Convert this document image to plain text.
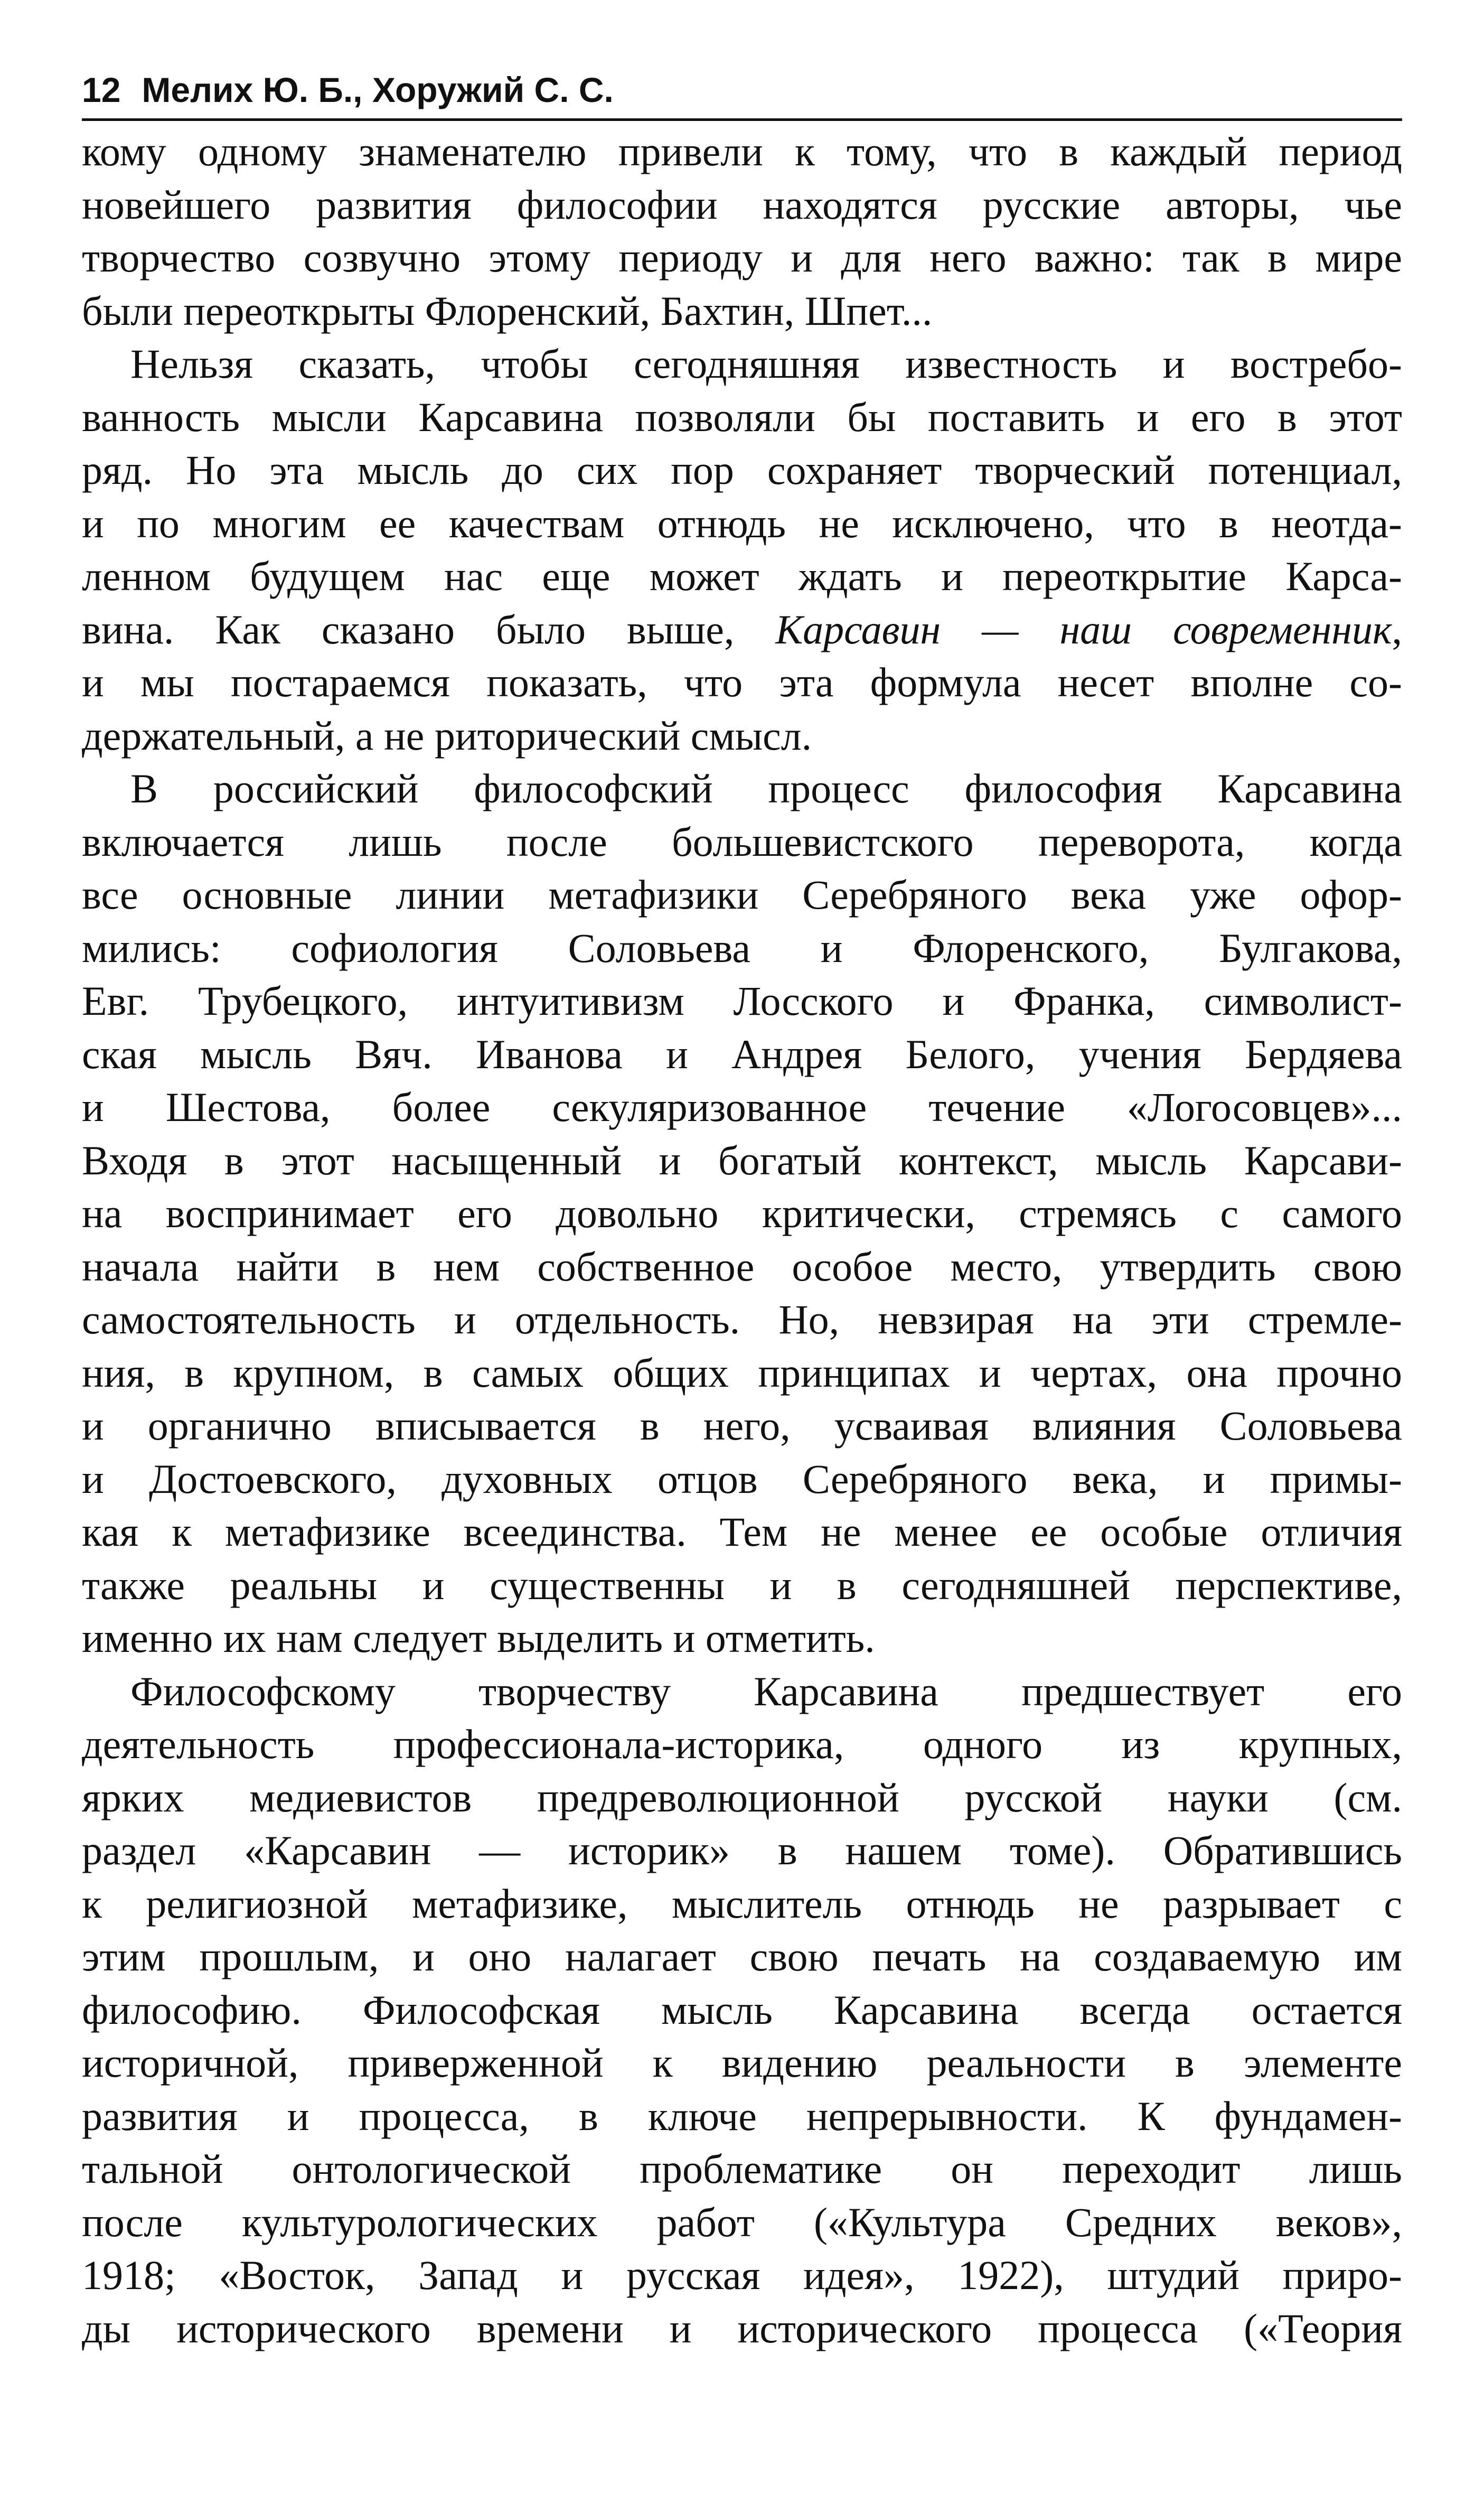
12 Мелих Ю. Б., Хоружий С. С.
кому одному знаменателю привели к тому, что в каждый период
новейшего развития философии находятся русские авторы, чье
творчество созвучно этому периоду и для него важно: так в мире
были переоткрыты Флоренский, Бахтин, Шпет...
Нельзя сказать, чтобы сегодняшняя известность и востребо-
ванность мысли Карсавина позволяли бы поставить и его в этот
ряд. Но эта мысль до сих пор сохраняет творческий потенциал,
и по многим ее качествам отнюдь не исключено, что в неотда-
ленном будущем нас еще может ждать и переоткрытие Карса-
вина. Как сказано было выше, Карсавин — наш современник,
и мы постараемся показать, что эта формула несет вполне со-
держательный, а не риторический смысл.
В российский философский процесс философия Карсавина
включается лишь после большевистского переворота, когда
все основные линии метафизики Серебряного века уже офор-
мились: софиология Соловьева и Флоренского, Булгакова,
Евг. Трубецкого, интуитивизм Лосского и Франка, символист-
ская мысль Вяч. Иванова и Андрея Белого, учения Бердяева
и Шестова, более секуляризованное течение «Логосовцев»...
Входя в этот насыщенный и богатый контекст, мысль Карсави-
на воспринимает его довольно критически, стремясь с самого
начала найти в нем собственное особое место, утвердить свою
самостоятельность и отдельность. Но, невзирая на эти стремле-
ния, в крупном, в самых общих принципах и чертах, она прочно
и органично вписывается в него, усваивая влияния Соловьева
и Достоевского, духовных отцов Серебряного века, и примы-
кая к метафизике всеединства. Тем не менее ее особые отличия
также реальны и существенны и в сегодняшней перспективе,
именно их нам следует выделить и отметить.
Философскому творчеству Карсавина предшествует его
деятельность профессионала-историка, одного из крупных,
ярких медиевистов предреволюционной русской науки (см.
раздел «Карсавин — историк» в нашем томе). Обратившись
к религиозной метафизике, мыслитель отнюдь не разрывает с
этим прошлым, и оно налагает свою печать на создаваемую им
философию. Философская мысль Карсавина всегда остается
историчной, приверженной к видению реальности в элементе
развития и процесса, в ключе непрерывности. К фундамен-
тальной онтологической проблематике он переходит лишь
после культурологических работ («Культура Средних веков»,
1918; «Восток, Запад и русская идея», 1922), штудий приро-
ды исторического времени и исторического процесса («Теория
